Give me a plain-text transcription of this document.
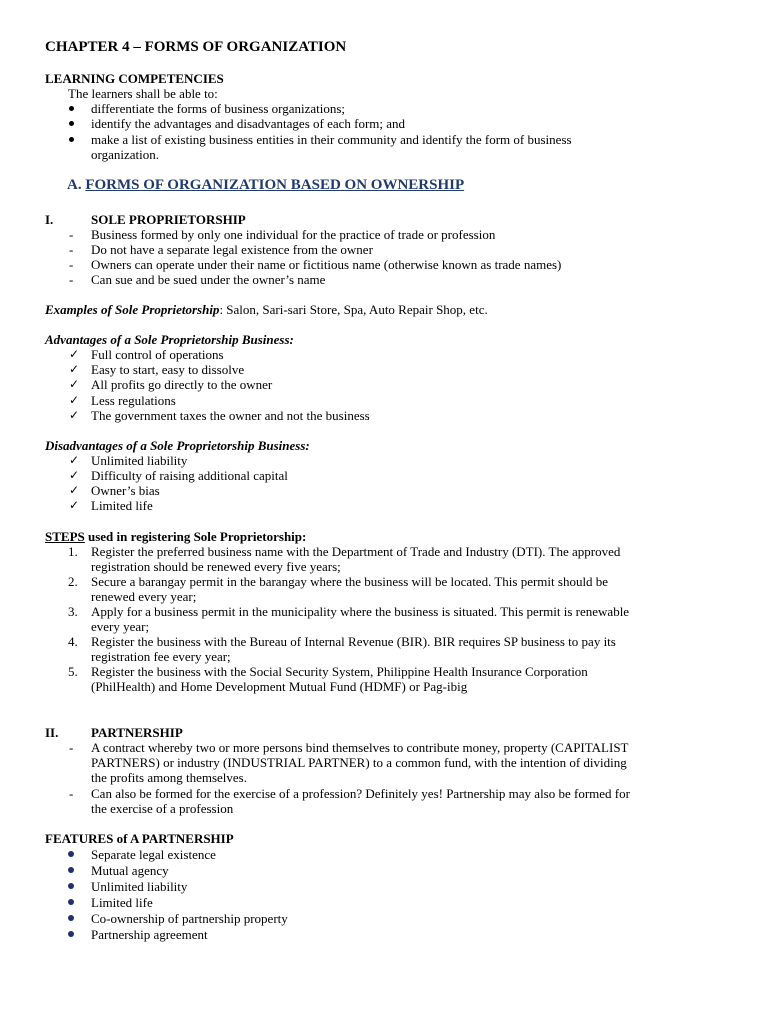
CHAPTER 4 – FORMS OF ORGANIZATION
LEARNING COMPETENCIES
The learners shall be able to:
differentiate the forms of business organizations;
identify the advantages and disadvantages of each form; and
make a list of existing business entities in their community and identify the form of business
organization.
A. FORMS OF ORGANIZATION BASED ON OWNERSHIP
I.	SOLE PROPRIETORSHIP
- Business formed by only one individual for the practice of trade or profession
- Do not have a separate legal existence from the owner
- Owners can operate under their name or fictitious name (otherwise known as trade names)
- Can sue and be sued under the owner’s name
Examples of Sole Proprietorship: Salon, Sari-sari Store, Spa, Auto Repair Shop, etc.
Advantages of a Sole Proprietorship Business:
✓ Full control of operations
✓ Easy to start, easy to dissolve
✓ All profits go directly to the owner
✓ Less regulations
✓ The government taxes the owner and not the business
Disadvantages of a Sole Proprietorship Business:
✓ Unlimited liability
✓ Difficulty of raising additional capital
✓ Owner’s bias
✓ Limited life
STEPS used in registering Sole Proprietorship:
1. Register the preferred business name with the Department of Trade and Industry (DTI). The approved
registration should be renewed every five years;
2. Secure a barangay permit in the barangay where the business will be located. This permit should be
renewed every year;
3. Apply for a business permit in the municipality where the business is situated. This permit is renewable
every year;
4. Register the business with the Bureau of Internal Revenue (BIR). BIR requires SP business to pay its
registration fee every year;
5. Register the business with the Social Security System, Philippine Health Insurance Corporation
(PhilHealth) and Home Development Mutual Fund (HDMF) or Pag-ibig
II.	PARTNERSHIP
- A contract whereby two or more persons bind themselves to contribute money, property (CAPITALIST
PARTNERS) or industry (INDUSTRIAL PARTNER) to a common fund, with the intention of dividing
the profits among themselves.
- Can also be formed for the exercise of a profession? Definitely yes! Partnership may also be formed for
the exercise of a profession
FEATURES of A PARTNERSHIP
Separate legal existence
Mutual agency
Unlimited liability
Limited life
Co-ownership of partnership property
Partnership agreement
